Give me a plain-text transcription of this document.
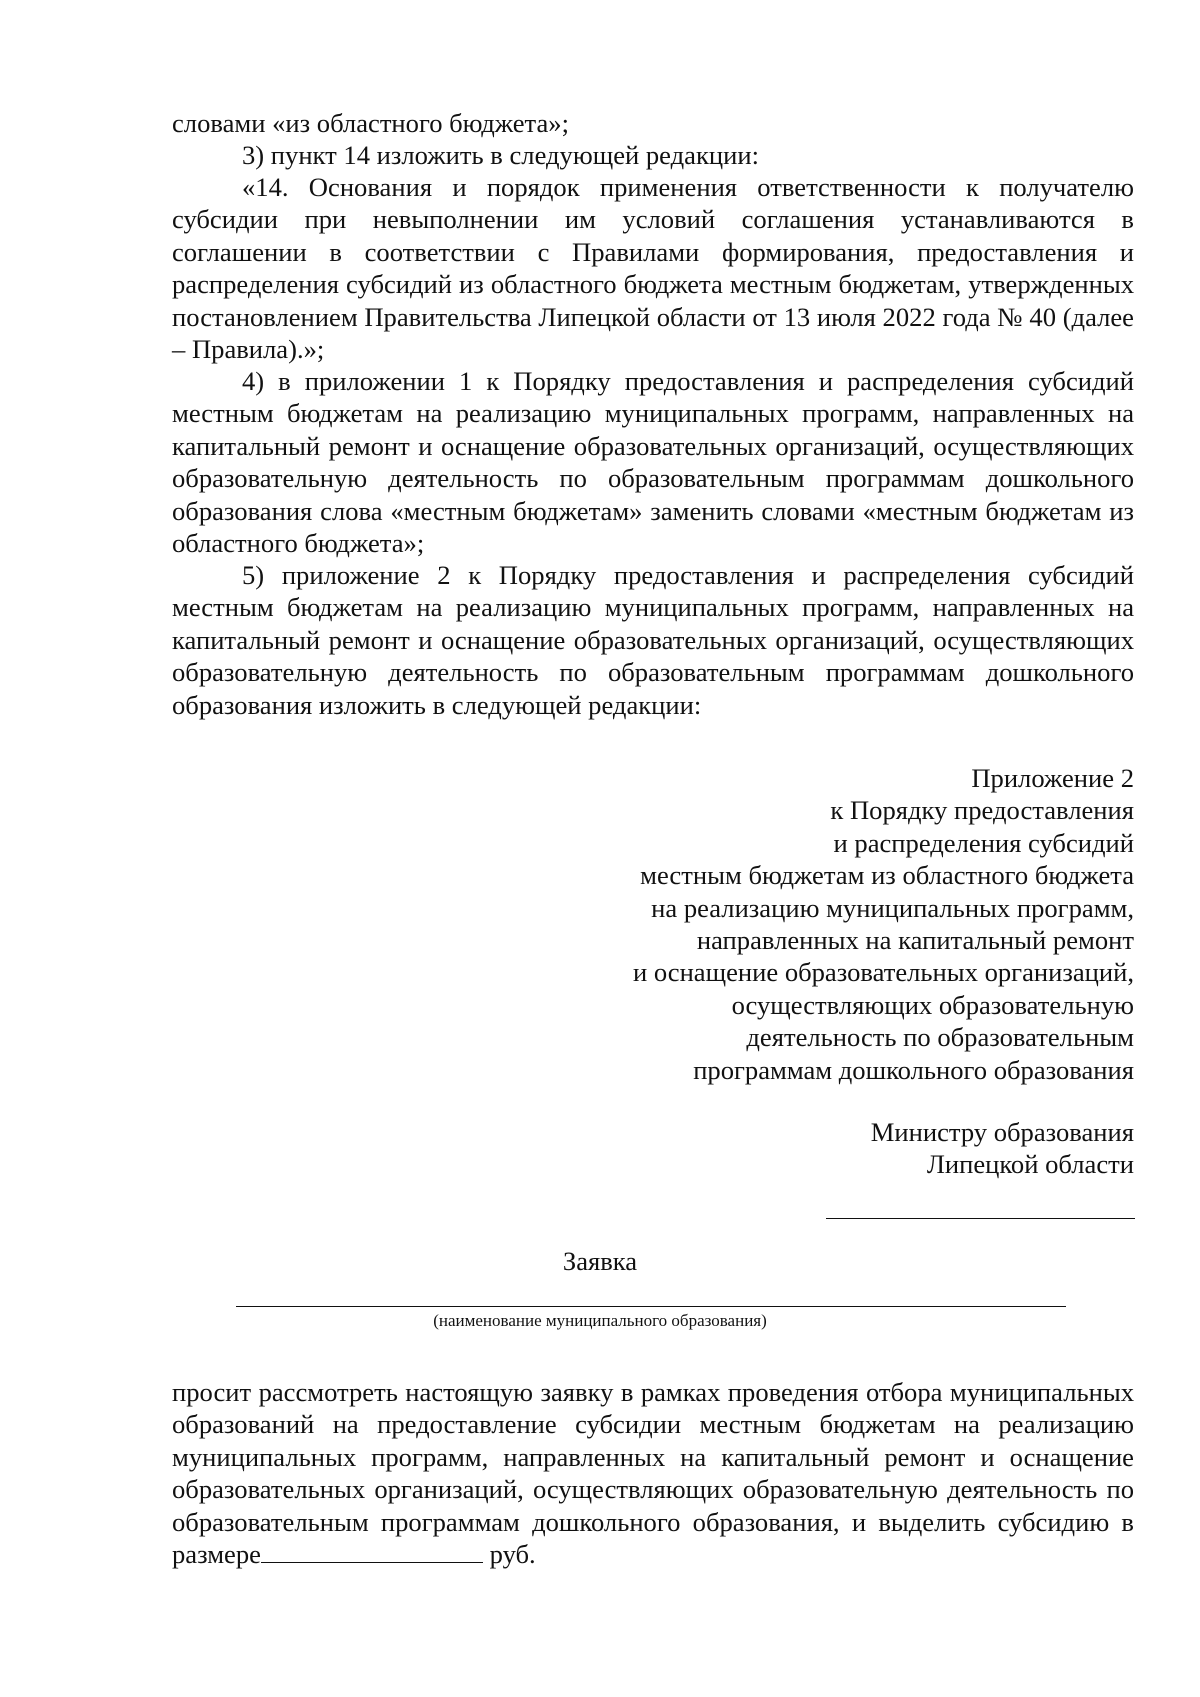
словами «из областного бюджета»;

3) пункт 14 изложить в следующей редакции:

«14. Основания и порядок применения ответственности к получателю субсидии при невыполнении им условий соглашения устанавливаются в соглашении в соответствии с Правилами формирования, предоставления и распределения субсидий из областного бюджета местным бюджетам, утвержденных постановлением Правительства Липецкой области от 13 июля 2022 года № 40 (далее – Правила).»;

4) в приложении 1 к Порядку предоставления и распределения субсидий местным бюджетам на реализацию муниципальных программ, направленных на капитальный ремонт и оснащение образовательных организаций, осуществляющих образовательную деятельность по образовательным программам дошкольного образования слова «местным бюджетам» заменить словами «местным бюджетам из областного бюджета»;

5) приложение 2 к Порядку предоставления и распределения субсидий местным бюджетам на реализацию муниципальных программ, направленных на капитальный ремонт и оснащение образовательных организаций, осуществляющих образовательную деятельность по образовательным программам дошкольного образования изложить в следующей редакции:

Приложение 2
к Порядку предоставления
и распределения субсидий
местным бюджетам из областного бюджета
на реализацию муниципальных программ,
направленных на капитальный ремонт
и оснащение образовательных организаций,
осуществляющих образовательную
деятельность по образовательным
программам дошкольного образования
Министру образования
Липецкой области
Заявка
(наименование муниципального образования)

просит рассмотреть настоящую заявку в рамках проведения отбора муниципальных образований на предоставление субсидии местным бюджетам на реализацию муниципальных программ, направленных на капитальный ремонт и оснащение образовательных организаций, осуществляющих образовательную деятельность по образовательным программам дошкольного образования, и выделить субсидию в размере	руб.
